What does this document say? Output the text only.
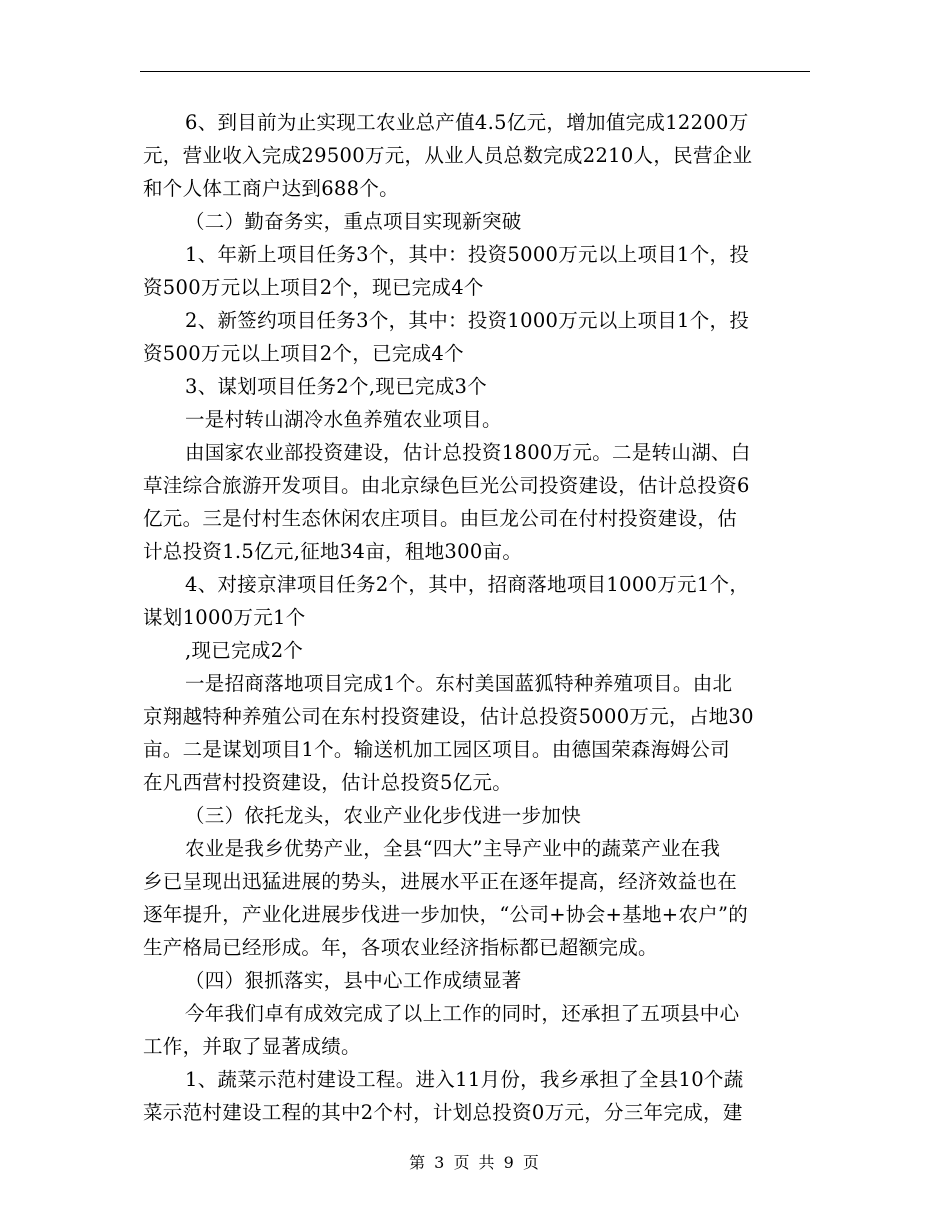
6、到目前为止实现工农业总产值4.5亿元，增加值完成12200万
元，营业收入完成29500万元，从业人员总数完成2210人，民营企业
和个人体工商户达到688个。
（二）勤奋务实，重点项目实现新突破
1、年新上项目任务3个，其中：投资5000万元以上项目1个，投
资500万元以上项目2个，现已完成4个
2、新签约项目任务3个，其中：投资1000万元以上项目1个，投
资500万元以上项目2个，已完成4个
3、谋划项目任务2个,现已完成3个
一是村转山湖冷水鱼养殖农业项目。
由国家农业部投资建设，估计总投资1800万元。二是转山湖、白
草洼综合旅游开发项目。由北京绿色巨光公司投资建设，估计总投资6
亿元。三是付村生态休闲农庄项目。由巨龙公司在付村投资建设，估
计总投资1.5亿元,征地34亩，租地300亩。
4、对接京津项目任务2个，其中，招商落地项目1000万元1个，
谋划1000万元1个
,现已完成2个
一是招商落地项目完成1个。东村美国蓝狐特种养殖项目。由北
京翔越特种养殖公司在东村投资建设，估计总投资5000万元，占地30
亩。二是谋划项目1个。输送机加工园区项目。由德国荣森海姆公司
在凡西营村投资建设，估计总投资5亿元。
（三）依托龙头，农业产业化步伐进一步加快
农业是我乡优势产业，全县“四大”主导产业中的蔬菜产业在我
乡已呈现出迅猛进展的势头，进展水平正在逐年提高，经济效益也在
逐年提升，产业化进展步伐进一步加快，“公司+协会+基地+农户”的
生产格局已经形成。年，各项农业经济指标都已超额完成。
（四）狠抓落实，县中心工作成绩显著
今年我们卓有成效完成了以上工作的同时，还承担了五项县中心
工作，并取了显著成绩。
1、蔬菜示范村建设工程。进入11月份，我乡承担了全县10个蔬
菜示范村建设工程的其中2个村，计划总投资0万元，分三年完成，建
第 3 页 共 9 页
